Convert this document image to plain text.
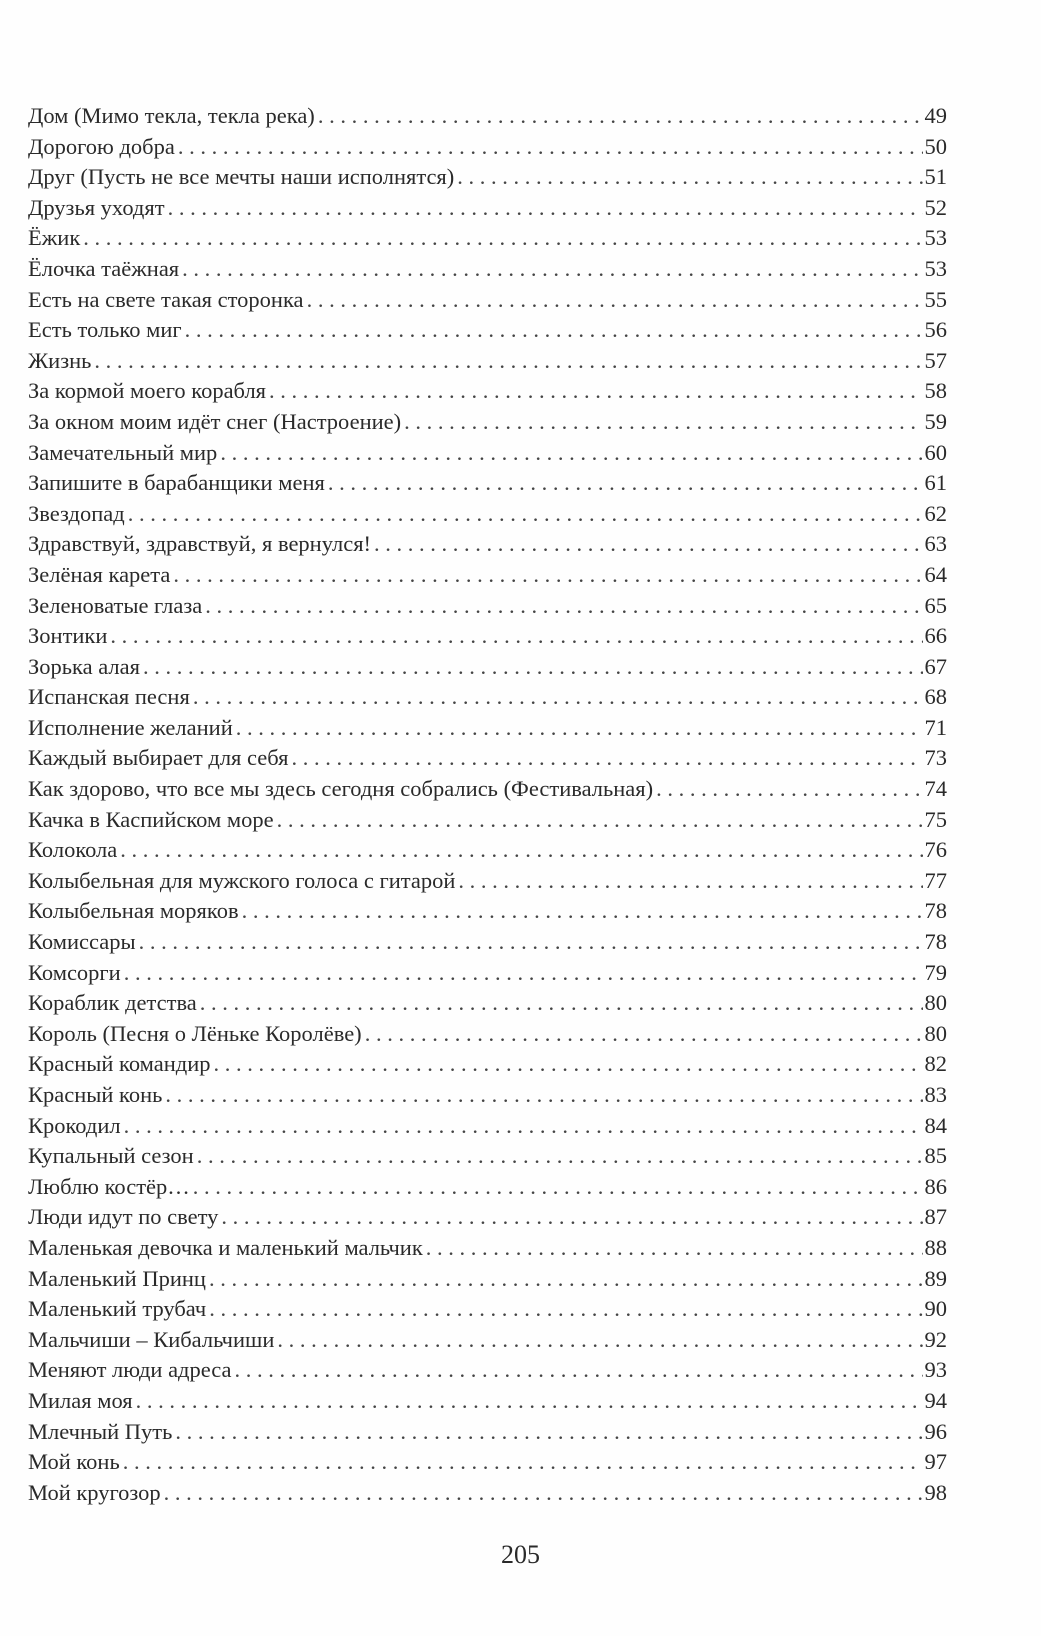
Дом (Мимо текла, текла река) . . .	49
Дорогою добра . . .	50
Друг (Пусть не все мечты наши исполнятся) . . .	51
Друзья уходят . . .	52
Ёжик . . .	53
Ёлочка таёжная . . .	53
Есть на свете такая сторонка . . .	55
Есть только миг . . .	56
Жизнь . . .	57
За кормой моего корабля . . .	58
За окном моим идёт снег (Настроение) . . .	59
Замечательный мир . . .	60
Запишите в барабанщики меня . . .	61
Звездопад . . .	62
Здравствуй, здравствуй, я вернулся! . . .	63
Зелёная карета . . .	64
Зеленоватые глаза . . .	65
Зонтики . . .	66
Зорька алая . . .	67
Испанская песня . . .	68
Исполнение желаний . . .	71
Каждый выбирает для себя . . .	73
Как здорово, что все мы здесь сегодня собрались (Фестивальная) . . .	74
Качка в Каспийском море . . .	75
Колокола . . .	76
Колыбельная для мужского голоса с гитарой . . .	77
Колыбельная моряков . . .	78
Комиссары . . .	78
Комсорги . . .	79
Кораблик детства . . .	80
Король (Песня о Лёньке Королёве) . . .	80
Красный командир . . .	82
Красный конь . . .	83
Крокодил . . .	84
Купальный сезон . . .	85
Люблю костёр… . . .	86
Люди идут по свету . . .	87
Маленькая девочка и маленький мальчик . . .	88
Маленький Принц . . .	89
Маленький трубач . . .	90
Мальчиши – Кибальчиши . . .	92
Меняют люди адреса . . .	93
Милая моя . . .	94
Млечный Путь . . .	96
Мой конь . . .	97
Мой кругозор . . .	98
205
